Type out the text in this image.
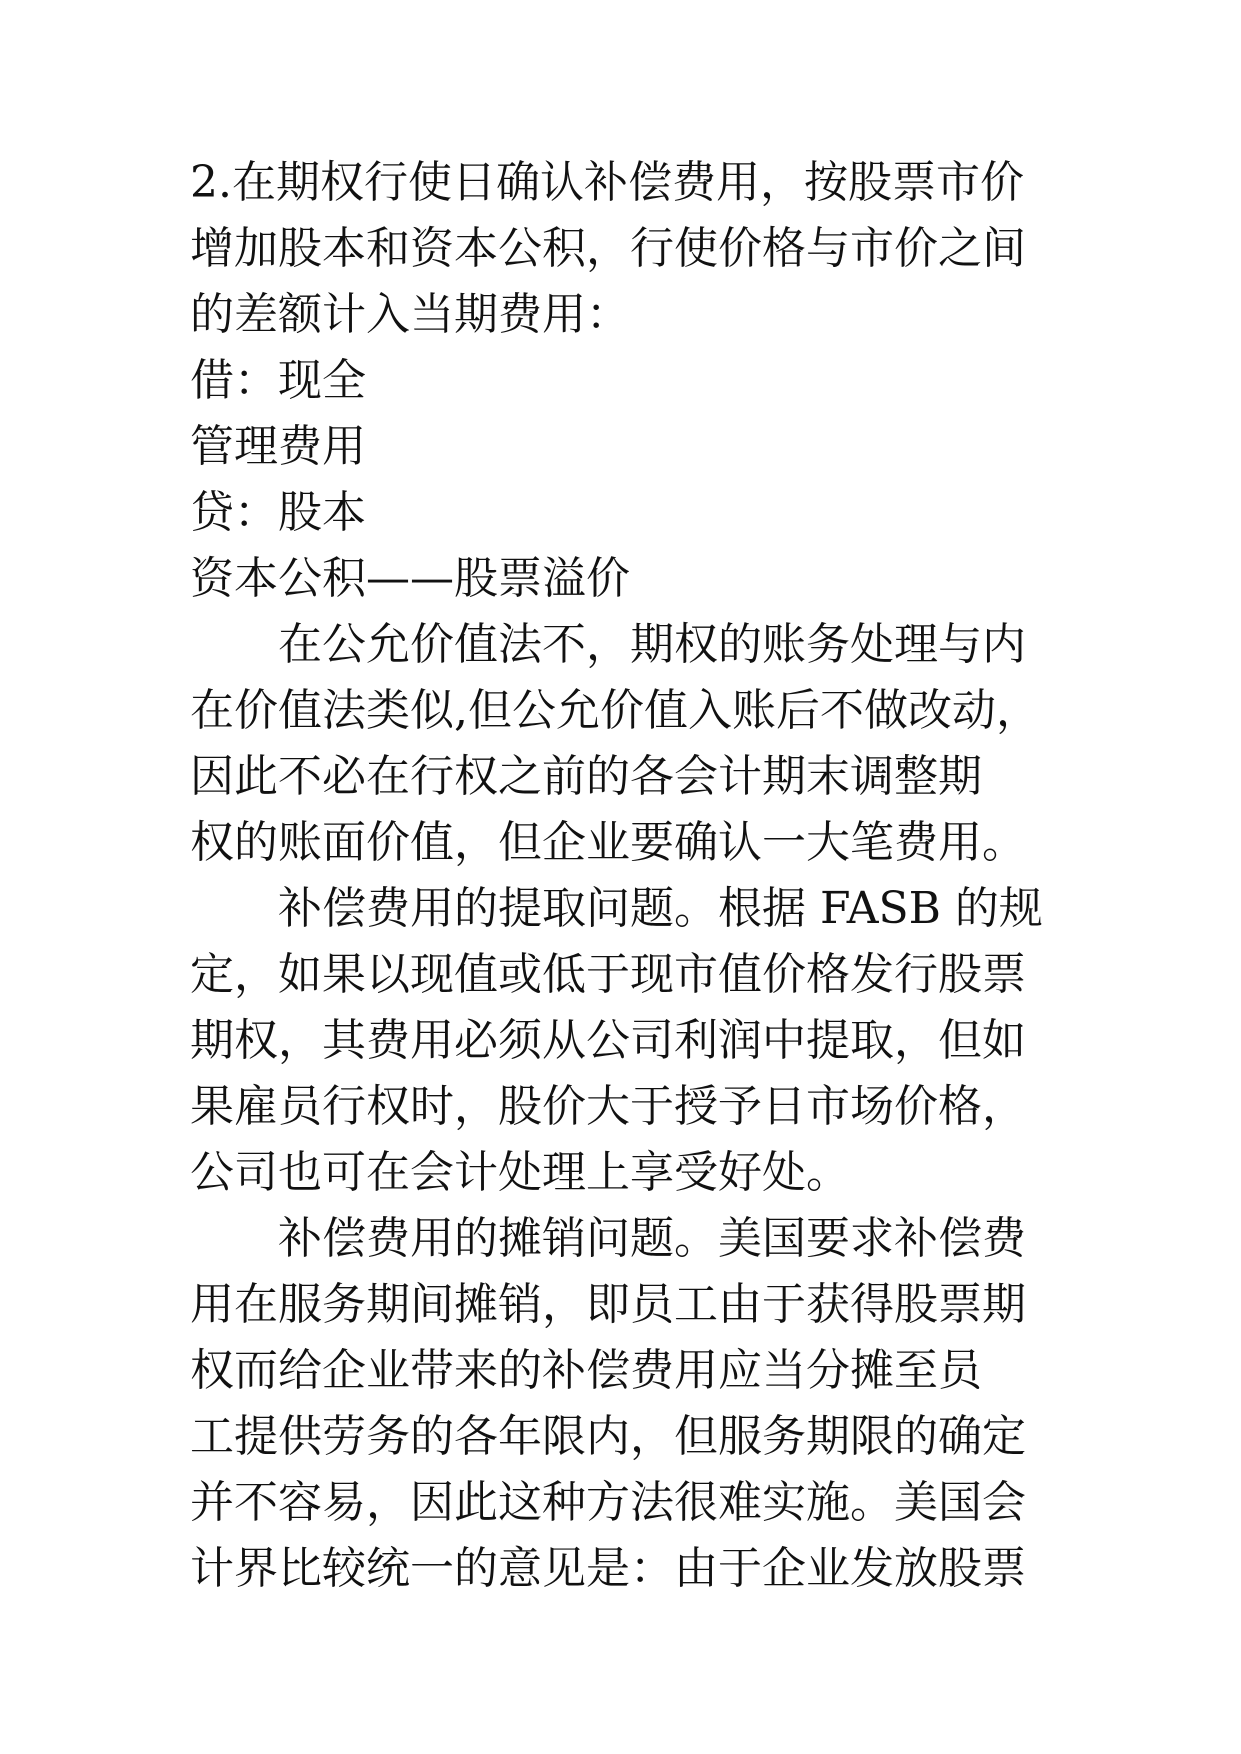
2.在期权行使日确认补偿费用，按股票市价
增加股本和资本公积，行使价格与市价之间
的差额计入当期费用：
借：现全
管理费用
贷：股本
资本公积——股票溢价
在公允价值法不，期权的账务处理与内
在价值法类似,但公允价值入账后不做改动，
因此不必在行权之前的各会计期末调整期
权的账面价值，但企业要确认一大笔费用。
补偿费用的提取问题。根据 FASB 的规
定，如果以现值或低于现市值价格发行股票
期权，其费用必须从公司利润中提取，但如
果雇员行权时，股价大于授予日市场价格，
公司也可在会计处理上享受好处。
补偿费用的摊销问题。美国要求补偿费
用在服务期间摊销，即员工由于获得股票期
权而给企业带来的补偿费用应当分摊至员
工提供劳务的各年限内，但服务期限的确定
并不容易，因此这种方法很难实施。美国会
计界比较统一的意见是：由于企业发放股票
